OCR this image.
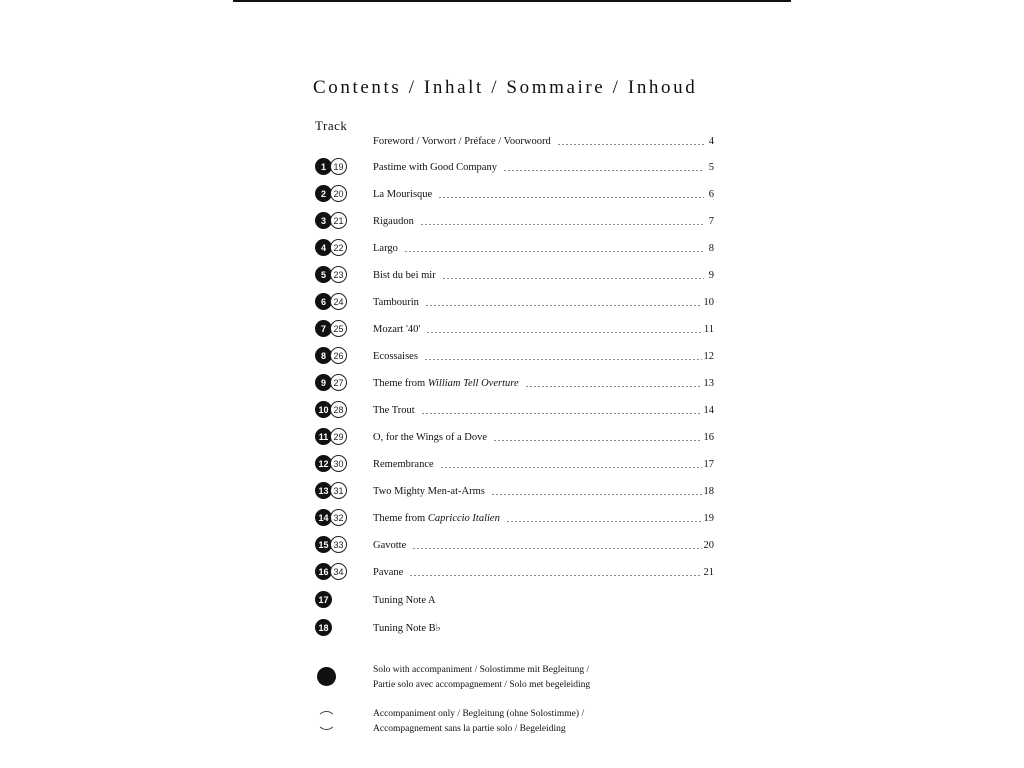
Contents / Inhalt / Sommaire / Inhoud
Track
Foreword / Vorwort / Préface / Voorwoord	4
1 19	Pastime with Good Company	5
2 20	La Mourisque	6
3 21	Rigaudon	7
4 22	Largo	8
5 23	Bist du bei mir	9
6 24	Tambourin	10
7 25	Mozart '40'	11
8 26	Ecossaises	12
9 27	Theme from William Tell Overture	13
10 28	The Trout	14
11 29	O, for the Wings of a Dove	16
12 30	Remembrance	17
13 31	Two Mighty Men-at-Arms	18
14 32	Theme from Capriccio Italien	19
15 33	Gavotte	20
16 34	Pavane	21
17	Tuning Note A
18	Tuning Note B♭
Solo with accompaniment / Solostimme mit Begleitung /
Partie solo avec accompagnement / Solo met begeleiding
Accompaniment only / Begleitung (ohne Solostimme) /
Accompagnement sans la partie solo / Begeleiding
